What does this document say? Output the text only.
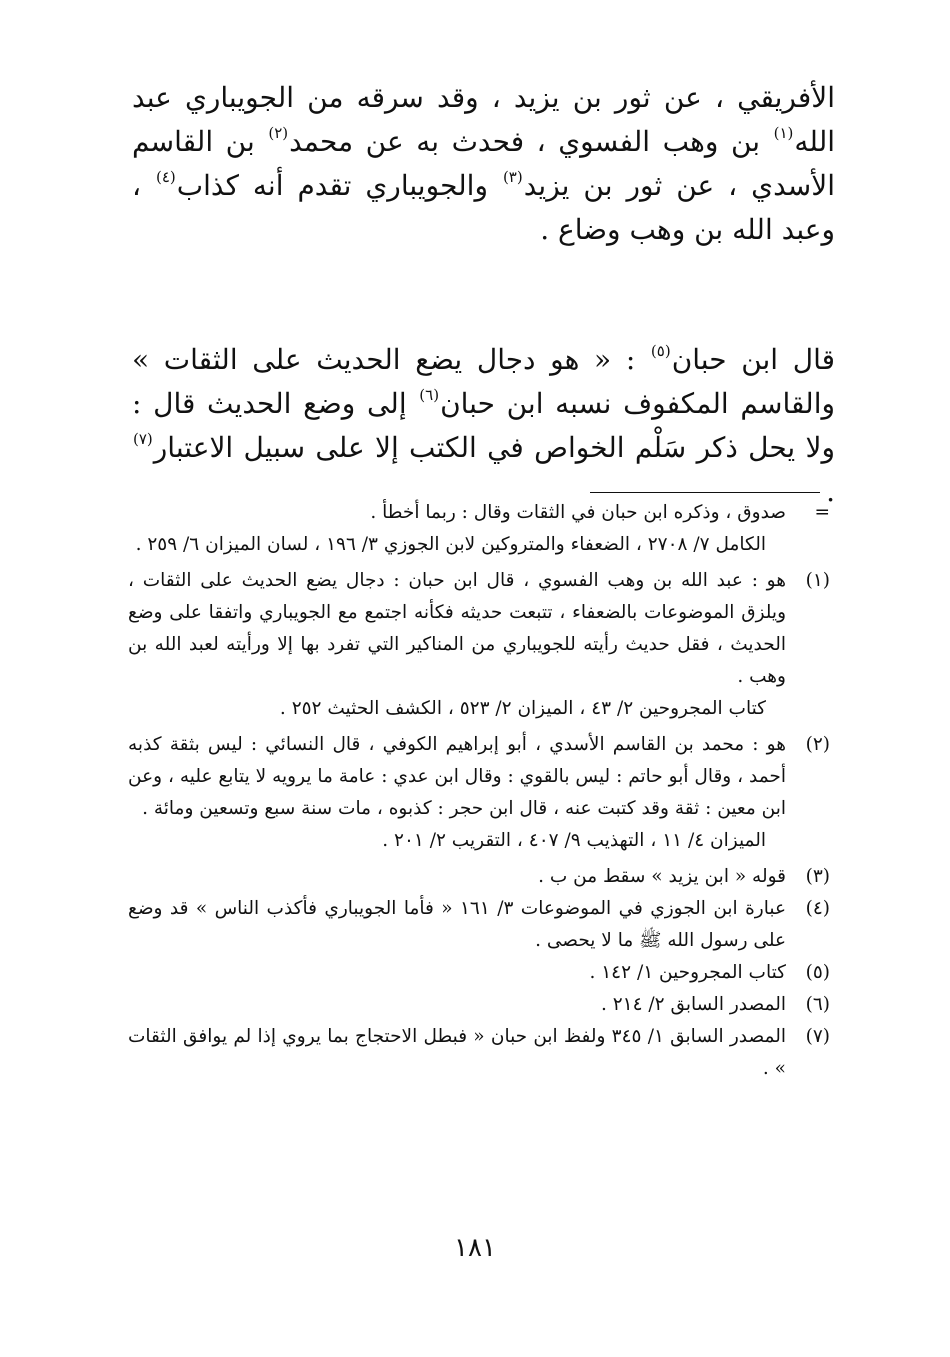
الأفريقي ، عن ثور بن يزيد ، وقد سرقه من الجويباري عبد الله$^{(١)}$ بن وهب الفسوي ، فحدث به عن محمد$^{(٢)}$ بن القاسم الأسدي ، عن ثور بن يزيد$^{(٣)}$ والجويباري تقدم أنه كذاب$^{(٤)}$ ، وعبد الله بن وهب وضاع .

قال ابن حبان$^{(٥)}$ : « هو دجال يضع الحديث على الثقات » والقاسم المكفوف نسبه ابن حبان$^{(٦)}$ إلى وضع الحديث قال : ولا يحل ذكر سَلْم الخواص في الكتب إلا على سبيل الاعتبار$^{(٧)}$ .

=
صدوق ، وذكره ابن حبان في الثقات وقال : ربما أخطأ .
الكامل ٧/ ٢٧٠٨ ، الضعفاء والمتروكين لابن الجوزي ٣/ ١٩٦ ، لسان الميزان ٦/ ٢٥٩ .
(١)
هو : عبد الله بن وهب الفسوي ، قال ابن حبان : دجال يضع الحديث على الثقات ، ويلزق الموضوعات بالضعفاء ، تتبعت حديثه فكأنه اجتمع مع الجويباري واتفقا على وضع الحديث ، فقل حديث رأيته للجويباري من المناكير التي تفرد بها إلا ورأيته لعبد الله بن وهب .
كتاب المجروحين ٢/ ٤٣ ، الميزان ٢/ ٥٢٣ ، الكشف الحثيث ٢٥٢ .
(٢)
هو : محمد بن القاسم الأسدي ، أبو إبراهيم الكوفي ، قال النسائي : ليس بثقة كذبه أحمد ، وقال أبو حاتم : ليس بالقوي : وقال ابن عدي : عامة ما يرويه لا يتابع عليه ، وعن ابن معين : ثقة وقد كتبت عنه ، قال ابن حجر : كذبوه ، مات سنة سبع وتسعين ومائة .
الميزان ٤/ ١١ ، التهذيب ٩/ ٤٠٧ ، التقريب ٢/ ٢٠١ .
(٣)
قوله « ابن يزيد » سقط من ب .
(٤)
عبارة ابن الجوزي في الموضوعات ٣/ ١٦١ « فأما الجويباري فأكذب الناس » قد وضع على رسول الله ﷺ ما لا يحصى .
(٥)
كتاب المجروحين ١/ ١٤٢ .
(٦)
المصدر السابق ٢/ ٢١٤ .
(٧)
المصدر السابق ١/ ٣٤٥ ولفظ ابن حبان « فبطل الاحتجاج بما يروي إذا لم يوافق الثقات » .
١٨١
